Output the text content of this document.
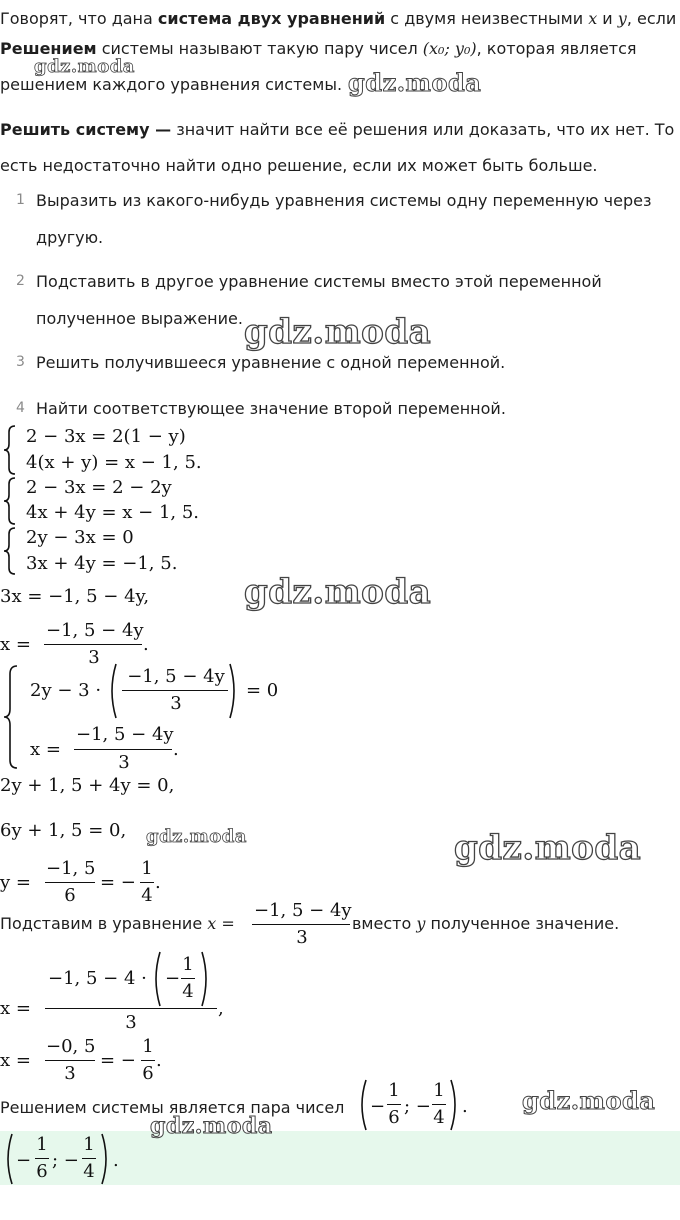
Говорят, что дана система двух уравнений с двумя неизвестными x и y, если
Решением системы называют такую пару чисел (x₀; y₀), которая является
решением каждого уравнения системы.
Решить систему — значит найти все её решения или доказать, что их нет. То
есть недостаточно найти одно решение, если их может быть больше.
1 Выразить из какого-нибудь уравнения системы одну переменную через
другую.
2 Подставить в другое уравнение системы вместо этой переменной
полученное выражение.
3 Решить получившееся уравнение с одной переменной.
4 Найти соответствующее значение второй переменной.
2 − 3x = 2(1 − y)
4(x + y) = x − 1, 5.
2 − 3x = 2 − 2y
4x + 4y = x − 1, 5.
2y − 3x = 0
3x + 4y = −1, 5.
3x = −1, 5 − 4y,
x =
−1, 5 − 4y
3
.
2y − 3 ·
−1, 5 − 4y
3
= 0
x =
−1, 5 − 4y
3
.
2y + 1, 5 + 4y = 0,
6y + 1, 5 = 0,
y =
−1, 5
6
= −
1
4
.
Подставим в уравнение x =
−1, 5 − 4y
3
вместо y полученное значение.
x =
−1, 5 − 4 · −
1
4
3
,
x =
−0, 5
3
= −
1
6
.
Решением системы является пара чисел −
1
6
; −
1
4
.
−
1
6
; −
1
4
.
gdz.moda
gdz.moda
gdz.moda
gdz.moda
gdz.moda	gdz.moda
gdz.moda
gdz.moda
